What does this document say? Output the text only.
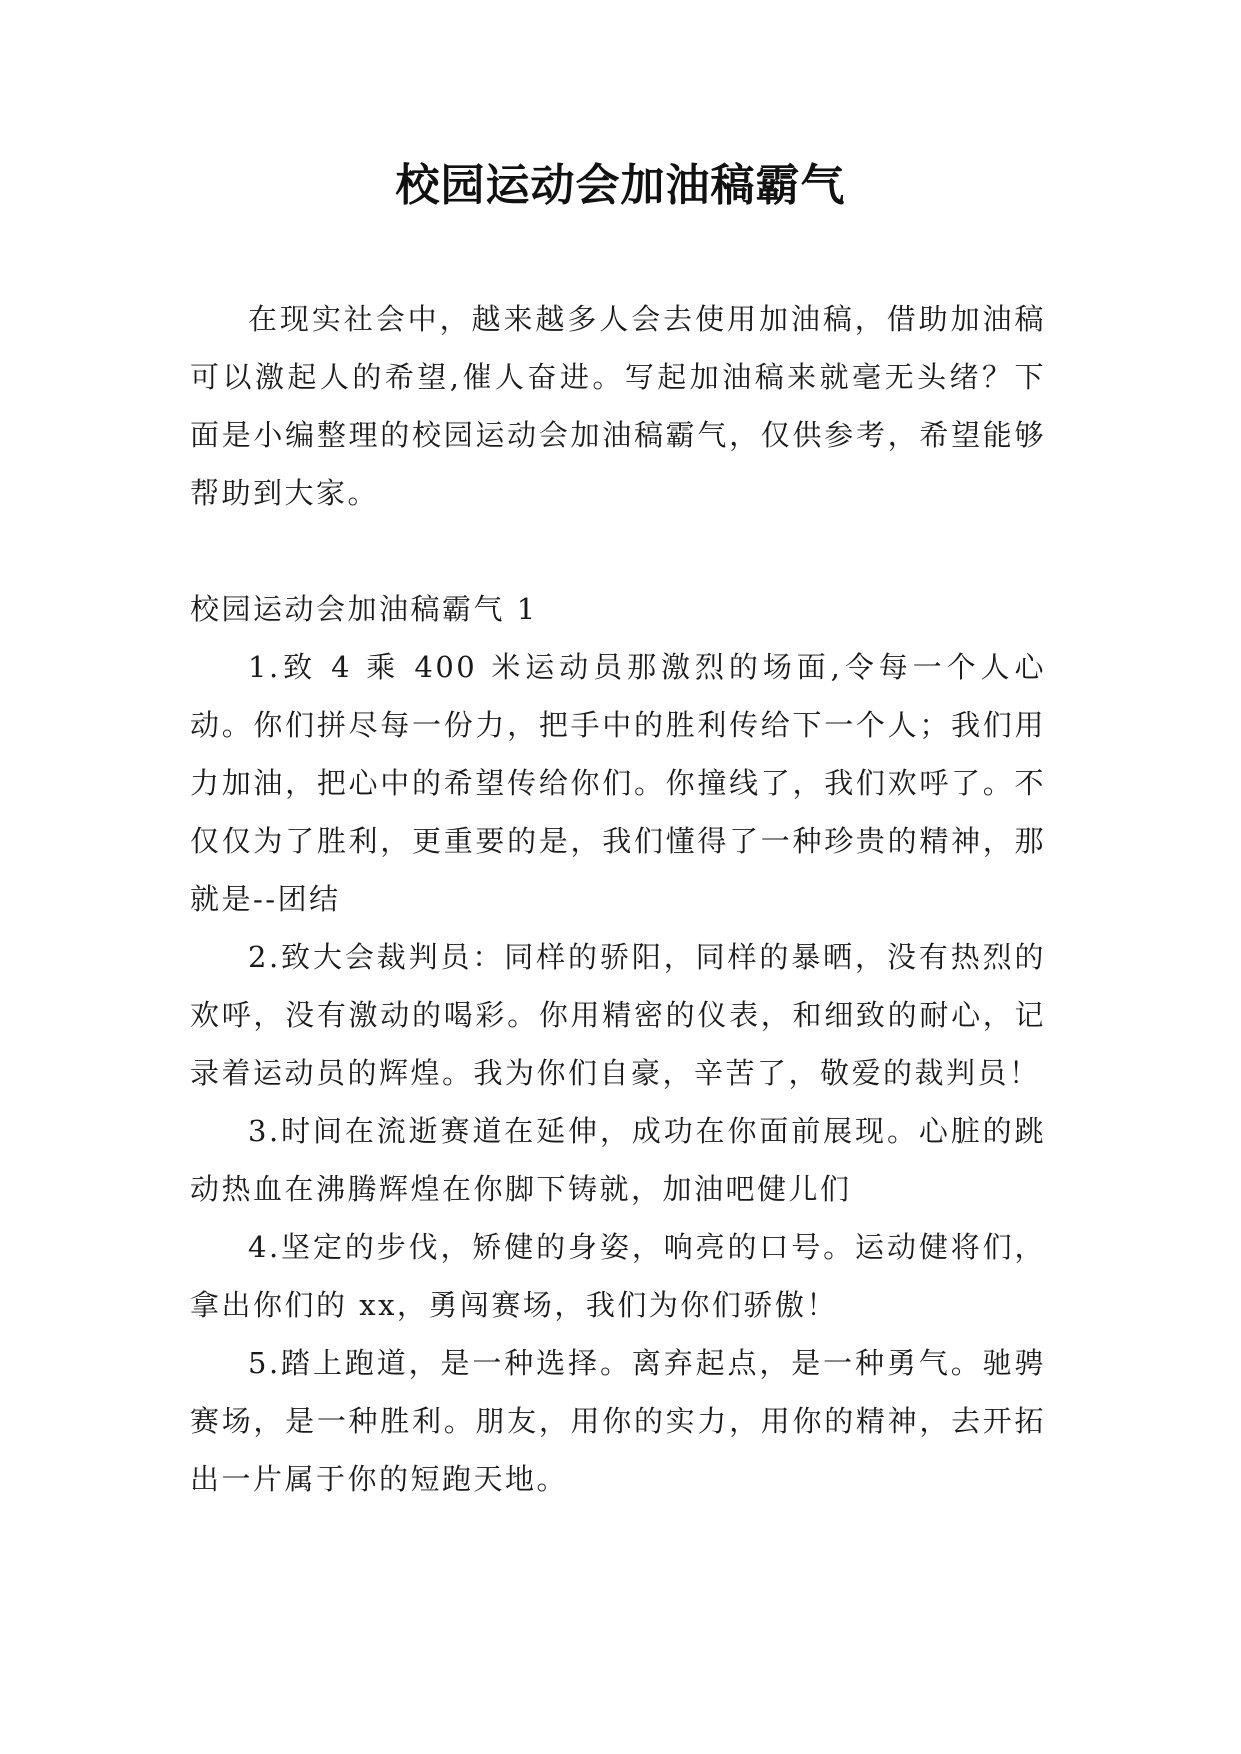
校园运动会加油稿霸气

在现实社会中，越来越多人会去使用加油稿，借助加油稿可以激起人的希望,催人奋进。写起加油稿来就毫无头绪？下面是小编整理的校园运动会加油稿霸气，仅供参考，希望能够帮助到大家。

校园运动会加油稿霸气 1

1.致 4 乘 400 米运动员那激烈的场面,令每一个人心动。你们拼尽每一份力，把手中的胜利传给下一个人；我们用力加油，把心中的希望传给你们。你撞线了，我们欢呼了。不仅仅为了胜利，更重要的是，我们懂得了一种珍贵的精神，那就是--团结

2.致大会裁判员：同样的骄阳，同样的暴晒，没有热烈的欢呼，没有激动的喝彩。你用精密的仪表，和细致的耐心，记录着运动员的辉煌。我为你们自豪，辛苦了，敬爱的裁判员！

3.时间在流逝赛道在延伸，成功在你面前展现。心脏的跳动热血在沸腾辉煌在你脚下铸就，加油吧健儿们

4.坚定的步伐，矫健的身姿，响亮的口号。运动健将们，拿出你们的 xx，勇闯赛场，我们为你们骄傲！

5.踏上跑道，是一种选择。离弃起点，是一种勇气。驰骋赛场，是一种胜利。朋友，用你的实力，用你的精神，去开拓出一片属于你的短跑天地。
